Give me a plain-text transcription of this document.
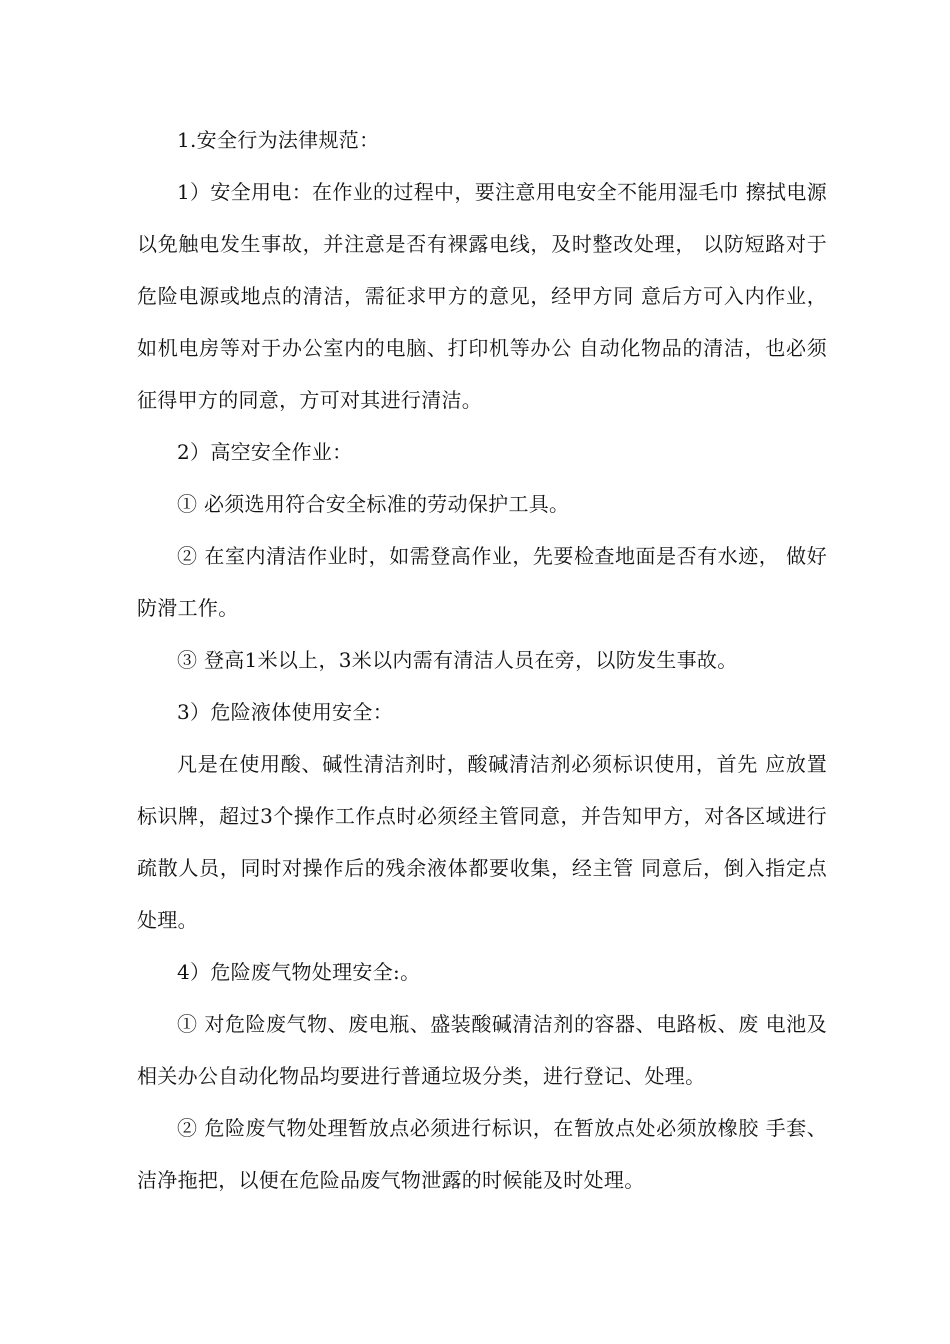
1.安全行为法律规范：

1）安全用电：在作业的过程中，要注意用电安全不能用湿毛巾 擦拭电源以免触电发生事故，并注意是否有裸露电线，及时整改处理， 以防短路对于危险电源或地点的清洁，需征求甲方的意见，经甲方同 意后方可入内作业，如机电房等对于办公室内的电脑、打印机等办公 自动化物品的清洁，也必须征得甲方的同意，方可对其进行清洁。

2）高空安全作业：

① 必须选用符合安全标准的劳动保护工具。

② 在室内清洁作业时，如需登高作业，先要检查地面是否有水迹， 做好防滑工作。

③ 登高1米以上，3米以内需有清洁人员在旁，以防发生事故。

3）危险液体使用安全：

凡是在使用酸、碱性清洁剂时，酸碱清洁剂必须标识使用，首先 应放置标识牌，超过3个操作工作点时必须经主管同意，并告知甲方，对各区域进行疏散人员，同时对操作后的残余液体都要收集，经主管 同意后，倒入指定点处理。

4）危险废气物处理安全:。

① 对危险废气物、废电瓶、盛装酸碱清洁剂的容器、电路板、废 电池及相关办公自动化物品均要进行普通垃圾分类，进行登记、处理。

② 危险废气物处理暂放点必须进行标识，在暂放点处必须放橡胶 手套、洁净拖把，以便在危险品废气物泄露的时候能及时处理。
